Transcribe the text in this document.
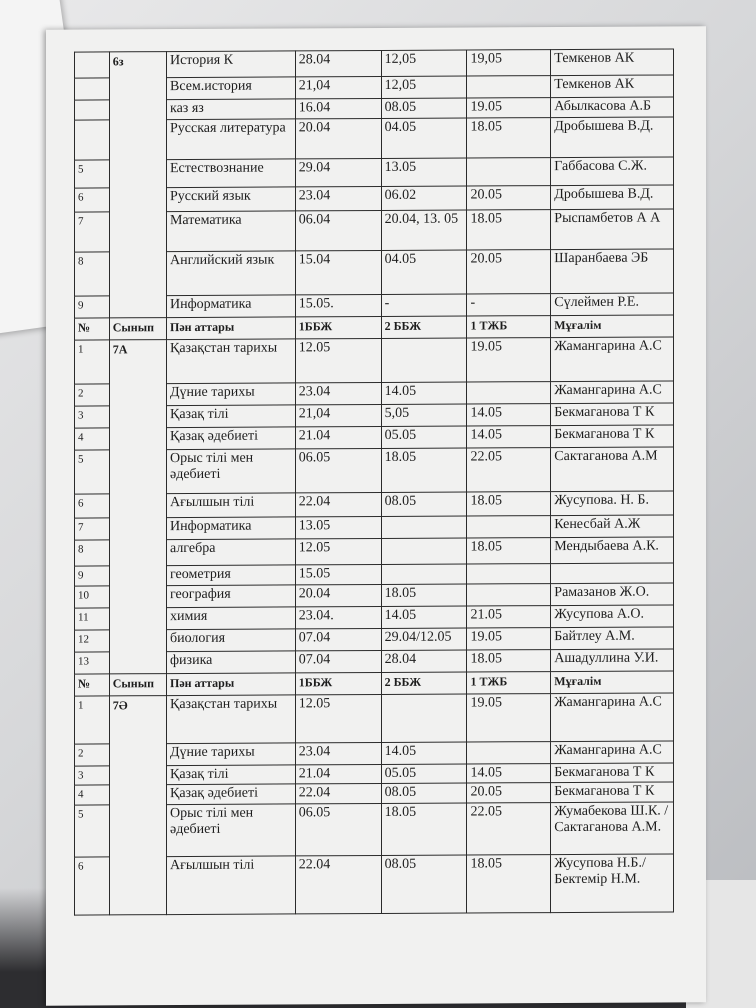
	6з	История К	28.04	12,05	19,05	Темкенов АК
		Всем.история	21,04	12,05		Темкенов АК
		каз яз	16.04	08.05	19.05	Абылкасова А.Б
		Русская литература	20.04	04.05	18.05	Дробышева В.Д.
5		Естествознание	29.04	13.05		Габбасова С.Ж.
6		Русский язык	23.04	06.02	20.05	Дробышева В.Д.
7		Математика	06.04	20.04, 13. 05	18.05	Рыспамбетов А А
8		Английский язык	15.04	04.05	20.05	Шаранбаева ЭБ
9		Информатика	15.05.	-	-	Сүлеймен Р.Е.
№	Сынып	Пән аттары	1ББЖ	2 ББЖ	1 ТЖБ	Мұғалім
1	7А	Қазақстан тарихы	12.05		19.05	Жамангарина А.С
2		Дүние тарихы	23.04	14.05		Жамангарина А.С
3		Қазақ тілі	21,04	5,05	14.05	Бекмаганова Т К
4		Қазақ әдебиеті	21.04	05.05	14.05	Бекмаганова Т К
5		Орыс тілі мен әдебиеті	06.05	18.05	22.05	Сактаганова А.М
6		Ағылшын тілі	22.04	08.05	18.05	Жусупова. Н. Б.
7		Информатика	13.05			Кенесбай А.Ж
8		алгебра	12.05		18.05	Мендыбаева А.К.
9		геометрия	15.05			
10		география	20.04	18.05		Рамазанов Ж.О.
11		химия	23.04.	14.05	21.05	Жусупова А.О.
12		биология	07.04	29.04/12.05	19.05	Байтлеу А.М.
13		физика	07.04	28.04	18.05	Ашадуллина У.И.
№	Сынып	Пән аттары	1ББЖ	2 ББЖ	1 ТЖБ	Мұғалім
1	7Ә	Қазақстан тарихы	12.05		19.05	Жамангарина А.С
2		Дүние тарихы	23.04	14.05		Жамангарина А.С
3		Қазақ тілі	21.04	05.05	14.05	Бекмаганова Т К
4		Қазақ әдебиеті	22.04	08.05	20.05	Бекмаганова Т К
5		Орыс тілі мен әдебиеті	06.05	18.05	22.05	Жумабекова Ш.К. / Сактаганова А.М.
6		Ағылшын тілі	22.04	08.05	18.05	Жусупова Н.Б./Бектемір Н.М.
